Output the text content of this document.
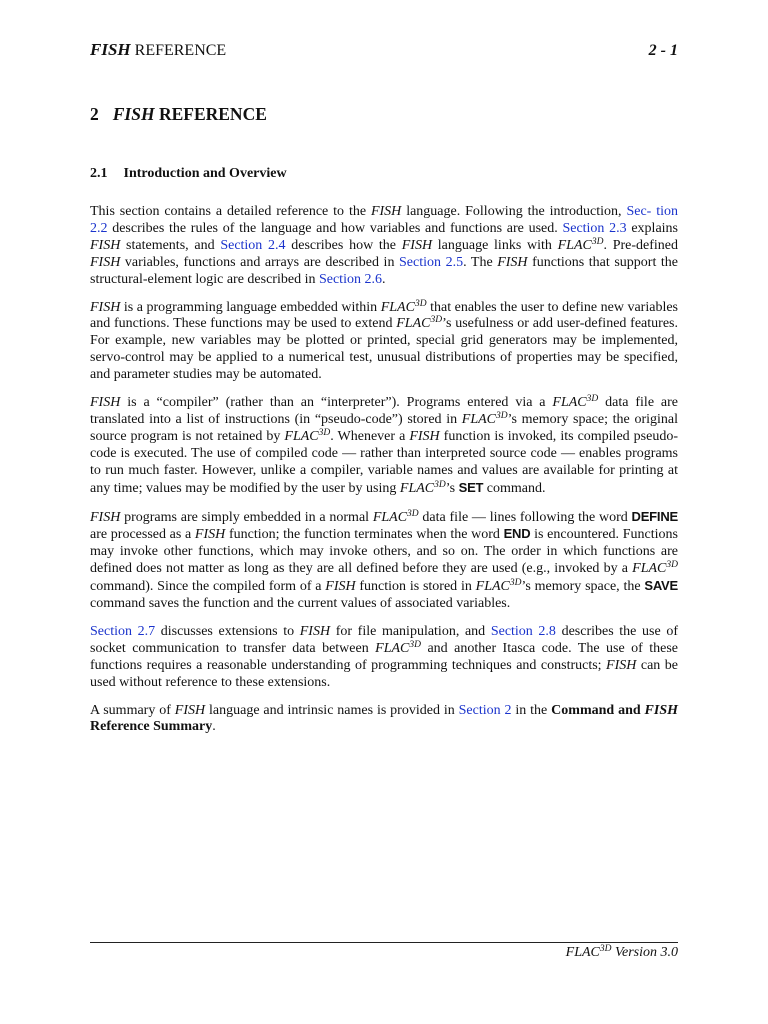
FISH REFERENCE	2 - 1
2 FISH REFERENCE
2.1 Introduction and Overview

This section contains a detailed reference to the FISH language. Following the introduction, Sec- tion 2.2 describes the rules of the language and how variables and functions are used. Section 2.3 explains FISH statements, and Section 2.4 describes how the FISH language links with $FLAC^{3D}$. Pre-defined FISH variables, functions and arrays are described in Section 2.5. The FISH functions that support the structural-element logic are described in Section 2.6.

FISH is a programming language embedded within $FLAC^{3D}$ that enables the user to define new variables and functions. These functions may be used to extend $FLAC^{3D}’s$ usefulness or add user-defined features. For example, new variables may be plotted or printed, special grid generators may be implemented, servo-control may be applied to a numerical test, unusual distributions of properties may be specified, and parameter studies may be automated.

FISH is a “compiler” (rather than an “interpreter”). Programs entered via a $FLAC^{3D}$ data file are translated into a list of instructions (in “pseudo-code”) stored in $FLAC^{3D}’s$ memory space; the original source program is not retained by $FLAC^{3D}$. Whenever a FISH function is invoked, its compiled pseudo-code is executed. The use of compiled code — rather than interpreted source code — enables programs to run much faster. However, unlike a compiler, variable names and values are available for printing at any time; values may be modified by the user by using $FLAC^{3D}’s$ SET command.

FISH programs are simply embedded in a normal $FLAC^{3D}$ data file — lines following the word DEFINE are processed as a FISH function; the function terminates when the word END is encountered. Functions may invoke other functions, which may invoke others, and so on. The order in which functions are defined does not matter as long as they are all defined before they are used (e.g., invoked by a $FLAC^{3D}$ command). Since the compiled form of a FISH function is stored in $FLAC^{3D}’s$ memory space, the SAVE command saves the function and the current values of associated variables.

Section 2.7 discusses extensions to FISH for file manipulation, and Section 2.8 describes the use of socket communication to transfer data between $FLAC^{3D}$ and another Itasca code. The use of these functions requires a reasonable understanding of programming techniques and constructs; FISH can be used without reference to these extensions.

A summary of FISH language and intrinsic names is provided in Section 2 in the Command and FISH Reference Summary.

$FLAC^{3D}$ Version 3.0
